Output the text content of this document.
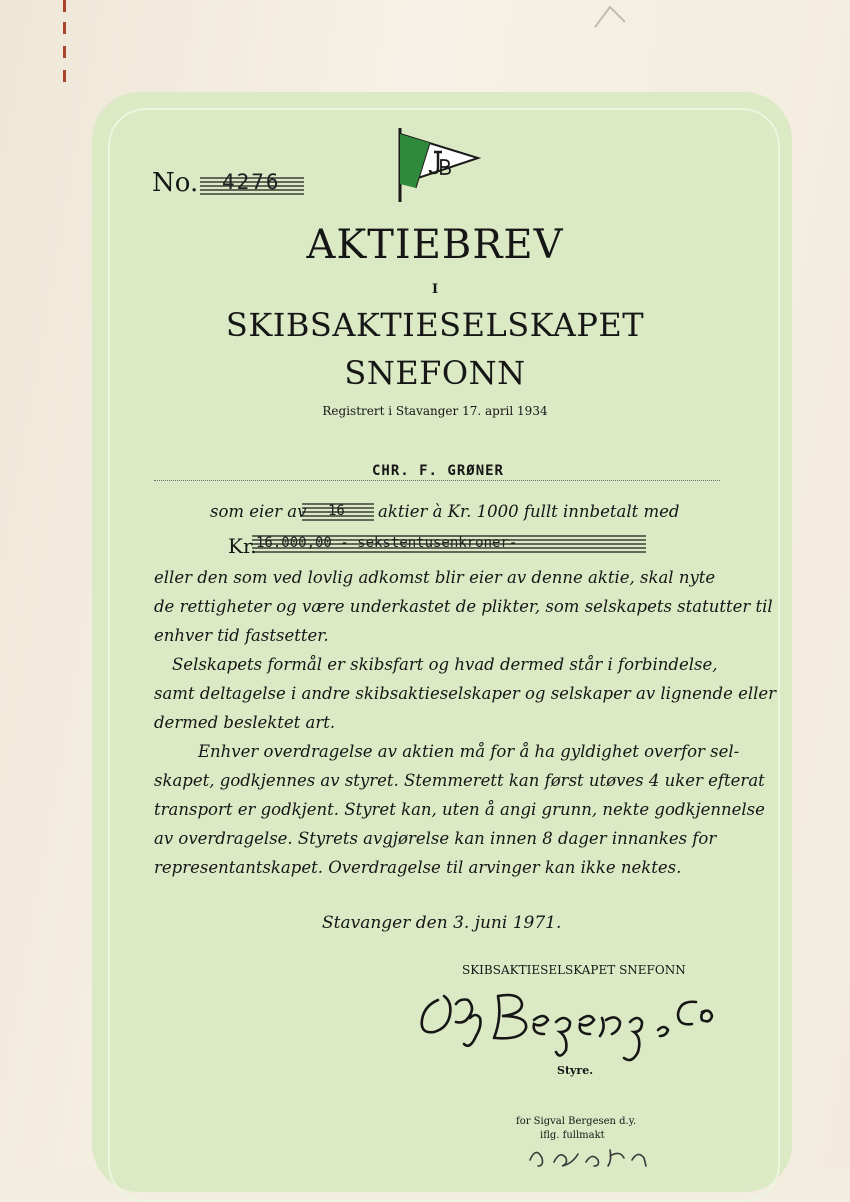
No. 4276
AKTIEBREV
I
SKIBSAKTIESELSKAPET
SNEFONN
Registrert i Stavanger 17. april 1934
CHR. F. GRØNER
som eier av 16 aktier à Kr. 1000 fullt innbetalt med
Kr. 16.000,00 - sekstentusenkroner-
eller den som ved lovlig adkomst blir eier av denne aktie, skal nyte
de rettigheter og være underkastet de plikter, som selskapets statutter til
enhver tid fastsetter.
Selskapets formål er skibsfart og hvad dermed står i forbindelse,
samt deltagelse i andre skibsaktieselskaper og selskaper av lignende eller
dermed beslektet art.
Enhver overdragelse av aktien må for å ha gyldighet overfor sel-
skapet, godkjennes av styret. Stemmerett kan først utøves 4 uker efterat
transport er godkjent. Styret kan, uten å angi grunn, nekte godkjennelse
av overdragelse. Styrets avgjørelse kan innen 8 dager innankes for
representantskapet. Overdragelse til arvinger kan ikke nektes.
Stavanger den 3. juni 1971.
SKIBSAKTIESELSKAPET SNEFONN
Styre.
for Sigval Bergesen d.y.
iflg. fullmakt
